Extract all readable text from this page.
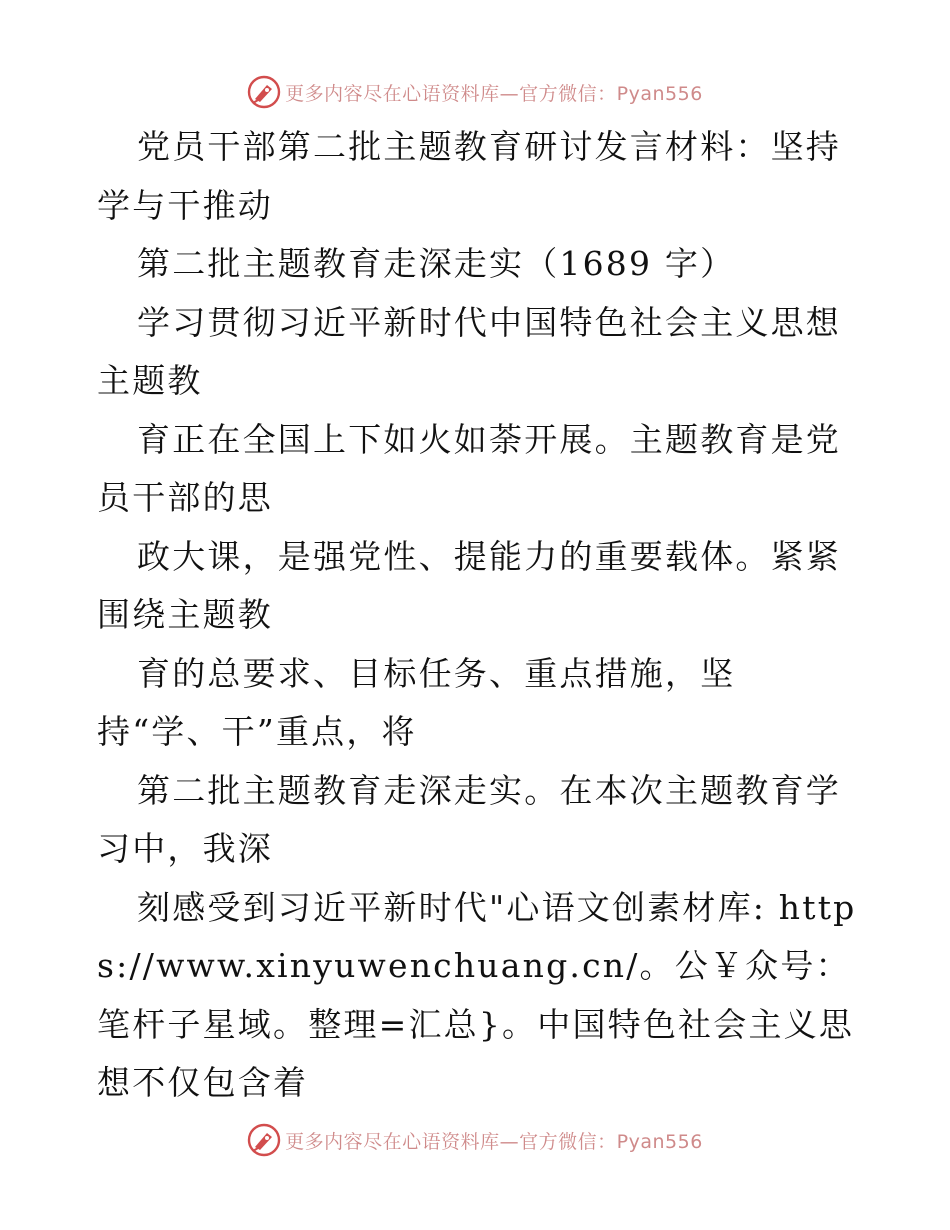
更多内容尽在心语资料库—官方微信：Pyan556

党员干部第二批主题教育研讨发言材料：坚持学与干推动

第二批主题教育走深走实（1689 字）

学习贯彻习近平新时代中国特色社会主义思想主题教

育正在全国上下如火如荼开展。主题教育是党员干部的思

政大课，是强党性、提能力的重要载体。紧紧围绕主题教

育的总要求、目标任务、重点措施，坚持“学、干”重点，将

第二批主题教育走深走实。在本次主题教育学习中，我深

刻感受到习近平新时代"心语文创素材库: https://www.xinyuwenchuang.cn/。公￥众号：笔杆子星域。整理=汇总}。中国特色社会主义思想不仅包含着

更多内容尽在心语资料库—官方微信：Pyan556
